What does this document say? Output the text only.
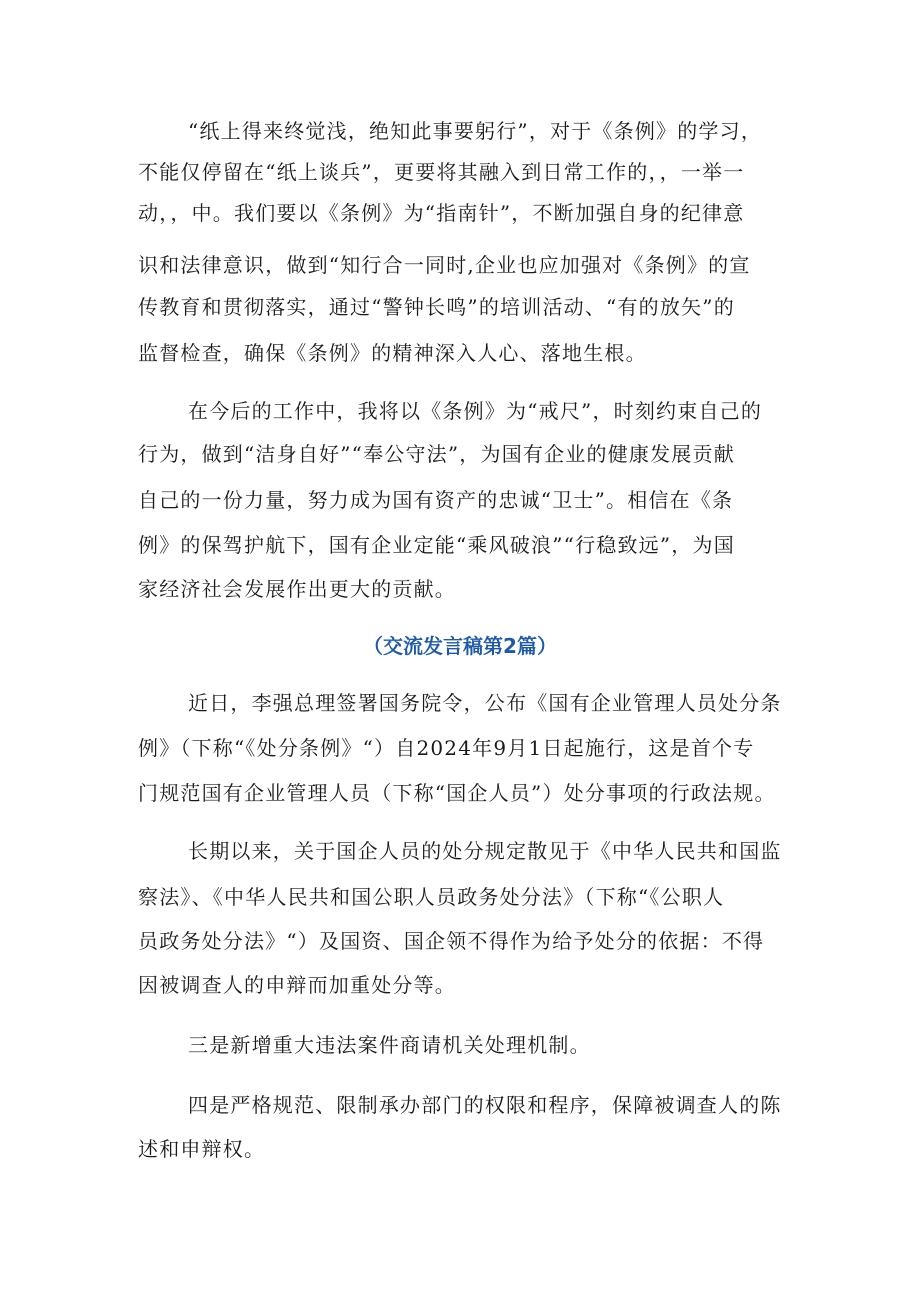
“纸上得来终觉浅，绝知此事要躬行”，对于《条例》的学习，

不能仅停留在“纸上谈兵”，更要将其融入到日常工作的，，一举一

动，，中。我们要以《条例》为“指南针”，不断加强自身的纪律意

识和法律意识，做到“知行合一同时,企业也应加强对《条例》的宣

传教育和贯彻落实，通过“警钟长鸣”的培训活动、“有的放矢”的

监督检查，确保《条例》的精神深入人心、落地生根。

在今后的工作中，我将以《条例》为“戒尺”，时刻约束自己的

行为，做到“洁身自好”“奉公守法”，为国有企业的健康发展贡献

自己的一份力量，努力成为国有资产的忠诚“卫士”。相信在《条

例》的保驾护航下，国有企业定能“乘风破浪”“行稳致远”，为国

家经济社会发展作出更大的贡献。

（交流发言稿第2篇）

近日，李强总理签署国务院令，公布《国有企业管理人员处分条

例》（下称“《处分条例》“）自2024年9月1日起施行，这是首个专

门规范国有企业管理人员（下称“国企人员”）处分事项的行政法规。

长期以来，关于国企人员的处分规定散见于《中华人民共和国监

察法》、《中华人民共和国公职人员政务处分法》（下称“《公职人

员政务处分法》“）及国资、国企领不得作为给予处分的依据：不得

因被调查人的申辩而加重处分等。

三是新增重大违法案件商请机关处理机制。

四是严格规范、限制承办部门的权限和程序，保障被调查人的陈

述和申辩权。
